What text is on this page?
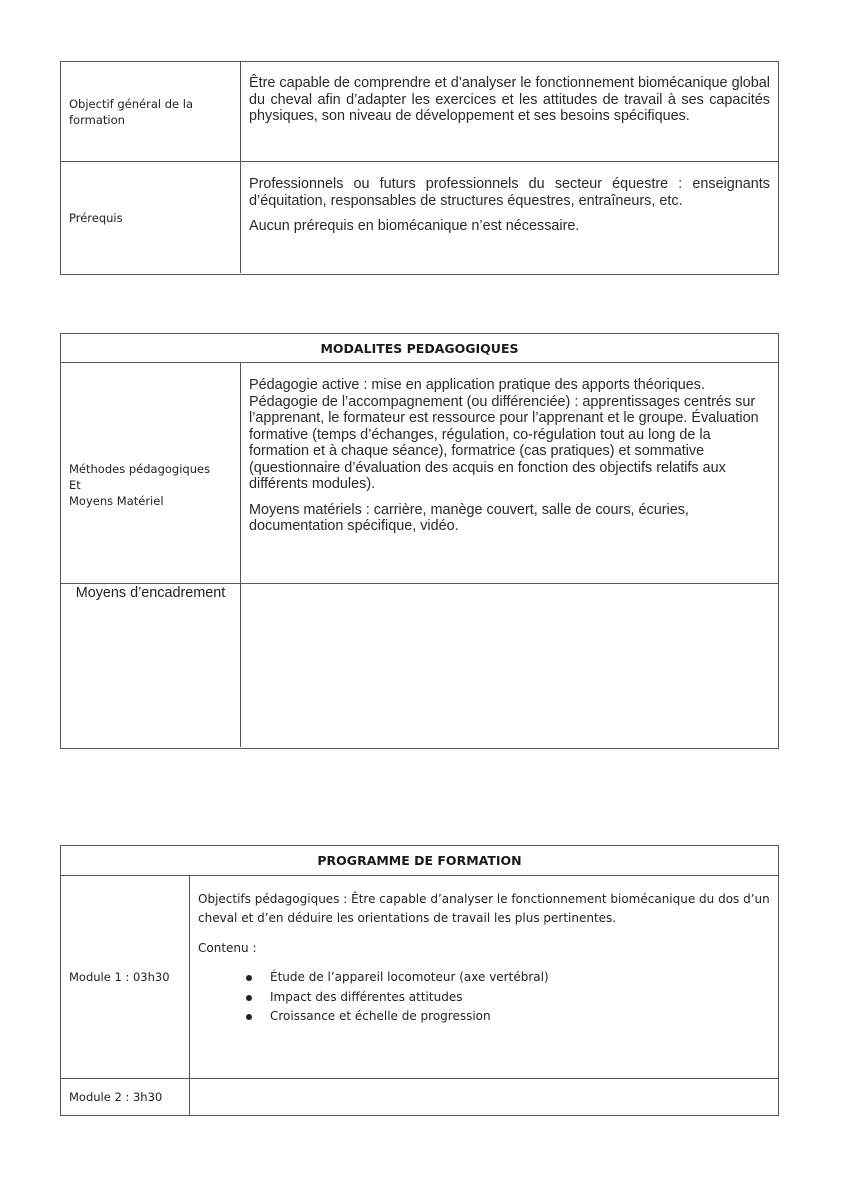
Objectif général de la formation

Être capable de comprendre et d’analyser le fonctionnement biomécanique global du cheval afin d’adapter les exercices et les attitudes de travail à ses capacités physiques, son niveau de développement et ses besoins spécifiques.

Prérequis

Professionnels ou futurs professionnels du secteur équestre : enseignants d’équitation, responsables de structures équestres, entraîneurs, etc.

Aucun prérequis en biomécanique n’est nécessaire.

MODALITES PEDAGOGIQUES
Méthodes pédagogiques
Et
Moyens Matériel

Pédagogie active : mise en application pratique des apports théoriques. Pédagogie de l’accompagnement (ou différenciée) : apprentissages centrés sur l’apprenant, le formateur est ressource pour l’apprenant et le groupe. Évaluation formative (temps d’échanges, régulation, co-régulation tout au long de la formation et à chaque séance), formatrice (cas pratiques) et sommative (questionnaire d’évaluation des acquis en fonction des objectifs relatifs aux différents modules).

Moyens matériels : carrière, manège couvert, salle de cours, écuries, documentation spécifique, vidéo.

Moyens d’encadrement
PROGRAMME DE FORMATION
Module 1 : 03h30

Objectifs pédagogiques : Être capable d’analyser le fonctionnement biomécanique du dos d’un cheval et d’en déduire les orientations de travail les plus pertinentes.

Contenu :

Étude de l’appareil locomoteur (axe vertébral)
Impact des différentes attitudes
Croissance et échelle de progression
Module 2 : 3h30
